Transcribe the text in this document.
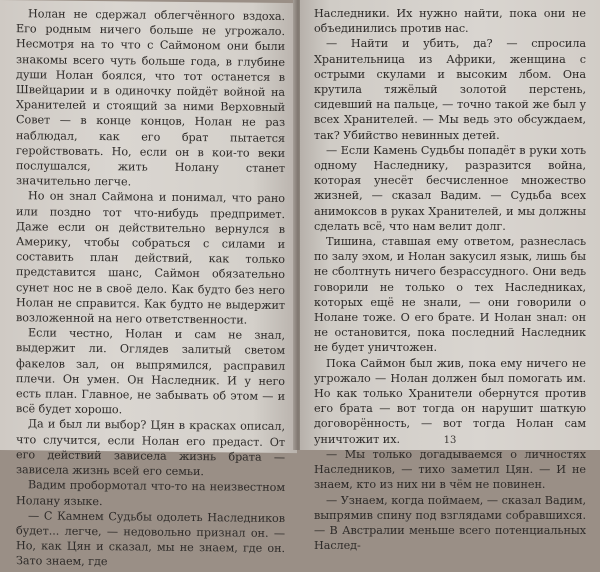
Нолан не сдержал облегчённого вздоха. Его родным ничего больше не угрожало. Несмотря на то что с Саймоном они были знакомы всего чуть больше года, в глубине души Нолан боялся, что тот останется в Швейцарии и в одиночку пойдёт войной на Хранителей и стоящий за ними Верховный Совет — в конце концов, Нолан не раз наблюдал, как его брат пытается геройствовать. Но, если он в кои-то веки послушался, жить Нолану станет значительно легче.

Но он знал Саймона и понимал, что рано или поздно тот что-нибудь предпримет. Даже если он действительно вернулся в Америку, чтобы собраться с силами и составить план действий, как только представится шанс, Саймон обязательно сунет нос не в своё дело. Как будто без него Нолан не справится. Как будто не выдержит возложенной на него ответственности.

Если честно, Нолан и сам не знал, выдержит ли. Оглядев залитый светом факелов зал, он выпрямился, расправил плечи. Он умен. Он Наследник. И у него есть план. Главное, не забывать об этом — и всё будет хорошо.

Да и был ли выбор? Цян в красках описал, что случится, если Нолан его предаст. От его действий зависела жизнь брата — зависела жизнь всей его семьи.

Вадим пробормотал что-то на неизвестном Нолану языке.

— С Камнем Судьбы одолеть Наследников будет... легче, — недовольно признал он. — Но, как Цян и сказал, мы не знаем, где он. Зато знаем, где

Наследники. Их нужно найти, пока они не объединились против нас.

— Найти и убить, да? — спросила Хранительница из Африки, женщина с острыми скулами и высоким лбом. Она крутила тяжёлый золотой перстень, сидевший на пальце, — точно такой же был у всех Хранителей. — Мы ведь это обсуждаем, так? Убийство невинных детей.

— Если Камень Судьбы попадёт в руки хоть одному Наследнику, разразится война, которая унесёт бесчисленное множество жизней, — сказал Вадим. — Судьба всех анимоксов в руках Хранителей, и мы должны сделать всё, что нам велит долг.

Тишина, ставшая ему ответом, разнеслась по залу эхом, и Нолан закусил язык, лишь бы не сболтнуть ничего безрассудного. Они ведь говорили не только о тех Наследниках, которых ещё не знали, — они говорили о Нолане тоже. О его брате. И Нолан знал: он не остановится, пока последний Наследник не будет уничтожен.

Пока Саймон был жив, пока ему ничего не угрожало — Нолан должен был помогать им. Но как только Хранители обернутся против его брата — вот тогда он нарушит шаткую договорённость, — вот тогда Нолан сам уничтожит их.

— Мы только догадываемся о личностях Наследников, — тихо заметил Цян. — И не знаем, кто из них ни в чём не повинен.

— Узнаем, когда поймаем, — сказал Вадим, выпрямив спину под взглядами собравшихся. — В Австралии меньше всего потенциальных Наслед-

13
